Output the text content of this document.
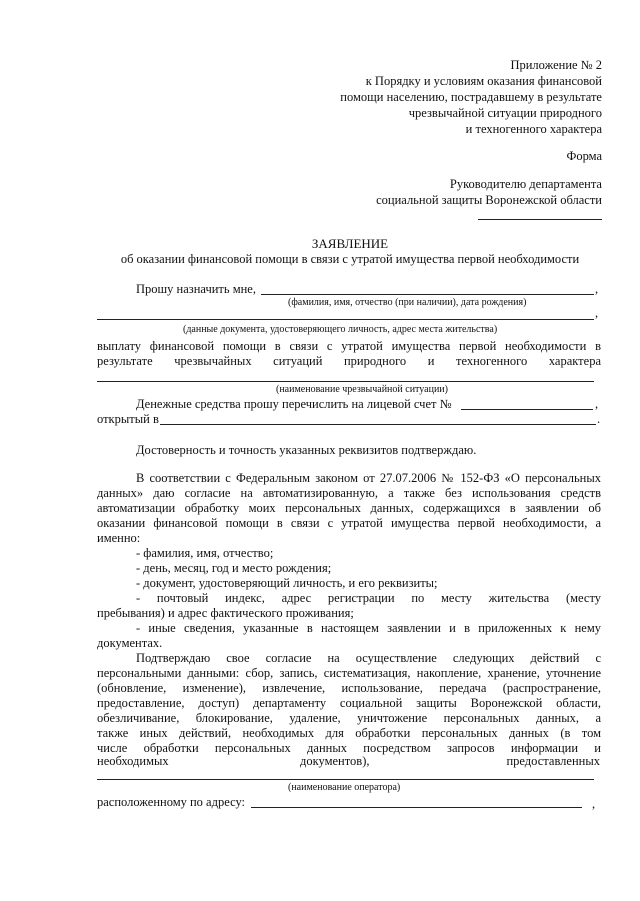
Приложение № 2
к Порядку и условиям оказания финансовой
помощи населению, пострадавшему в результате
чрезвычайной ситуации природного
и техногенного характера
Форма
Руководителю департамента
социальной защиты Воронежской области
ЗАЯВЛЕНИЕ
об оказании финансовой помощи в связи с утратой имущества первой необходимости
Прошу назначить мне,	,
(фамилия, имя, отчество (при наличии), дата рождения)
,
(данные документа, удостоверяющего личность, адрес места жительства)
выплату финансовой помощи в связи с утратой имущества первой необходимости в
результате чрезвычайных ситуаций природного и техногенного характера
(наименование чрезвычайной ситуации)
Денежные средства прошу перечислить на лицевой счет №	,
открытый в	.
Достоверность и точность указанных реквизитов подтверждаю.
В соответствии с Федеральным законом от 27.07.2006 № 152-ФЗ «О персональных
данных» даю согласие на автоматизированную, а также без использования средств
автоматизации обработку моих персональных данных, содержащихся в заявлении об
оказании финансовой помощи в связи с утратой имущества первой необходимости, а
именно:
- фамилия, имя, отчество;
- день, месяц, год и место рождения;
- документ, удостоверяющий личность, и его реквизиты;
- почтовый индекс, адрес регистрации по месту жительства (месту
пребывания) и адрес фактического проживания;
- иные сведения, указанные в настоящем заявлении и в приложенных к нему
документах.
Подтверждаю свое согласие на осуществление следующих действий с
персональными данными: сбор, запись, систематизация, накопление, хранение, уточнение
(обновление, изменение), извлечение, использование, передача (распространение,
предоставление, доступ) департаменту социальной защиты Воронежской области,
обезличивание, блокирование, удаление, уничтожение персональных данных, а
также иных действий, необходимых для обработки персональных данных (в том
числе обработки персональных данных посредством запросов информации и
необходимых	документов),	предоставленных
(наименование оператора)
расположенному по адресу:	,
